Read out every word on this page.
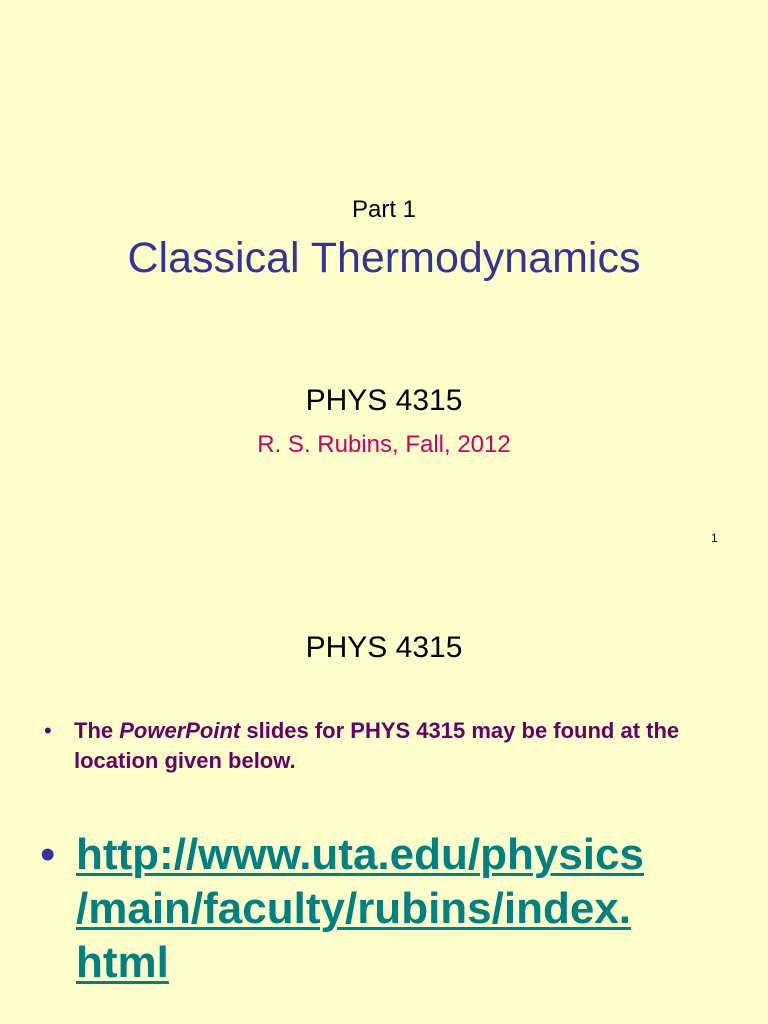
Part 1
Classical Thermodynamics
PHYS 4315
R. S. Rubins, Fall, 2012
1
PHYS 4315
• The PowerPoint slides for PHYS 4315 may be found at the location given below.
• http://www.uta.edu/physics
/main/faculty/rubins/index.
html
